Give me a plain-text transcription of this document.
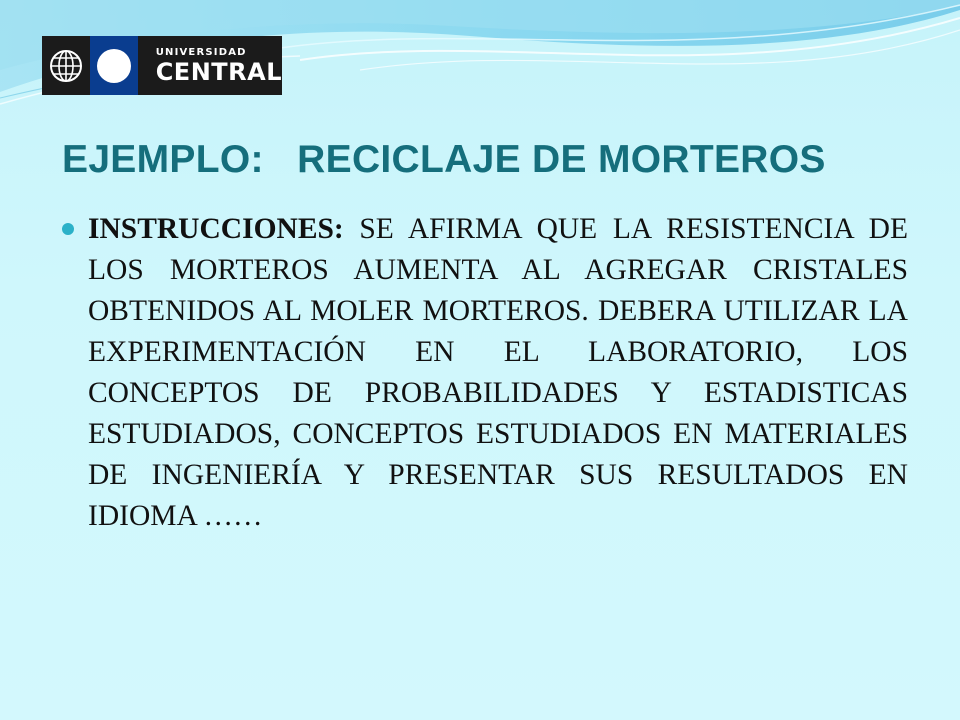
UNIVERSIDAD
CENTRAL
EJEMPLO:   RECICLAJE DE MORTEROS
INSTRUCCIONES: SE AFIRMA QUE LA RESISTENCIA DE LOS MORTEROS AUMENTA AL AGREGAR CRISTALES OBTENIDOS AL MOLER MORTEROS. DEBERA UTILIZAR LA EXPERIMENTACIÓN EN EL LABORATORIO, LOS CONCEPTOS DE PROBABILIDADES Y ESTADISTICAS ESTUDIADOS, CONCEPTOS ESTUDIADOS EN MATERIALES DE INGENIERÍA Y PRESENTAR SUS RESULTADOS EN IDIOMA ……
